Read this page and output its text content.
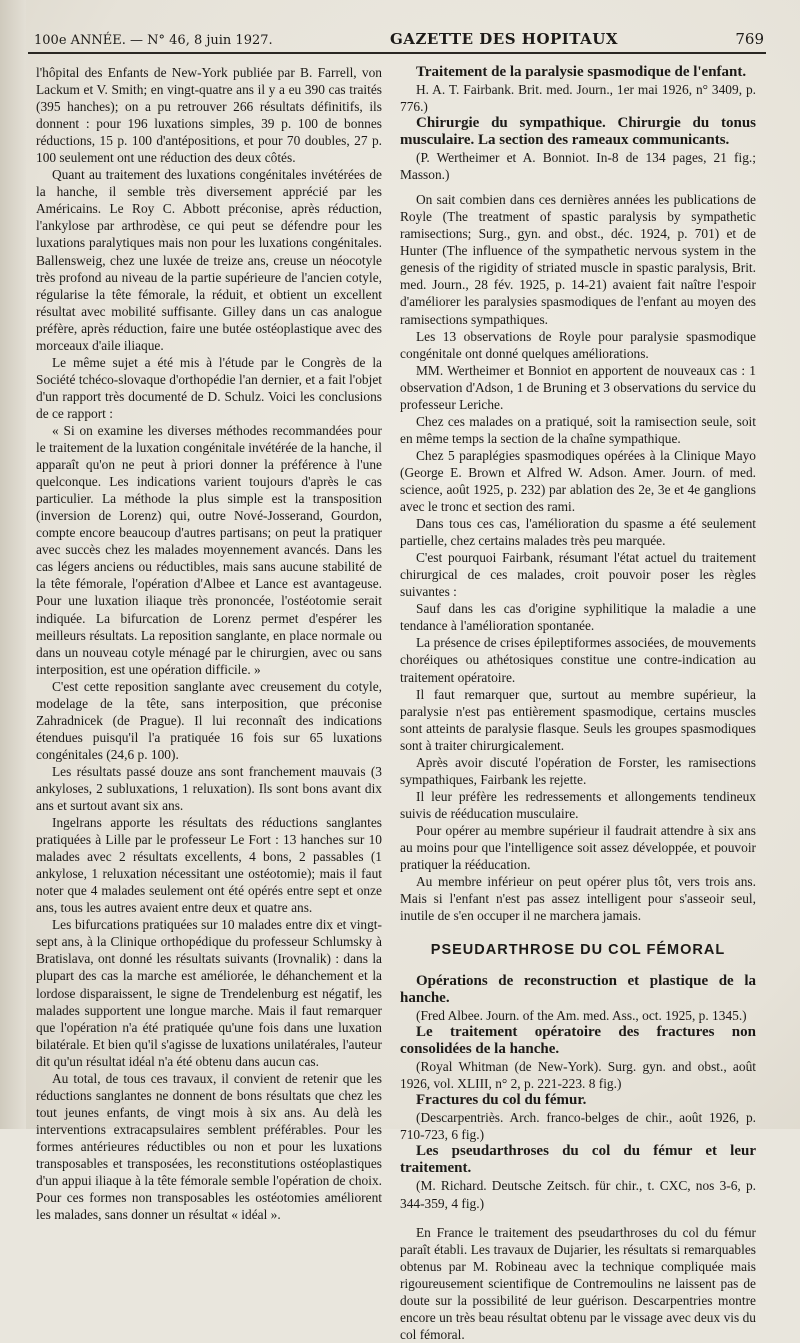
100e ANNÉE. — N° 46, 8 juin 1927.	GAZETTE DES HOPITAUX	769

l'hôpital des Enfants de New-York publiée par B. Farrell, von Lackum et V. Smith; en vingt-quatre ans il y a eu 390 cas traités (395 hanches); on a pu retrouver 266 résultats définitifs, ils donnent : pour 196 luxations simples, 39 p. 100 de bonnes réductions, 15 p. 100 d'antépositions, et pour 70 doubles, 27 p. 100 seulement ont une réduction des deux côtés.

Quant au traitement des luxations congénitales invétérées de la hanche, il semble très diversement apprécié par les Américains. Le Roy C. Abbott préconise, après réduction, l'ankylose par arthrodèse, ce qui peut se défendre pour les luxations paralytiques mais non pour les luxations congénitales. Ballensweig, chez une luxée de treize ans, creuse un néocotyle très profond au niveau de la partie supérieure de l'ancien cotyle, régularise la tête fémorale, la réduit, et obtient un excellent résultat avec mobilité suffisante. Gilley dans un cas analogue préfère, après réduction, faire une butée ostéoplastique avec des morceaux d'aile iliaque.

Le même sujet a été mis à l'étude par le Congrès de la Société tchéco-slovaque d'orthopédie l'an dernier, et a fait l'objet d'un rapport très documenté de D. Schulz. Voici les conclusions de ce rapport :

« Si on examine les diverses méthodes recommandées pour le traitement de la luxation congénitale invétérée de la hanche, il apparaît qu'on ne peut à priori donner la préférence à l'une quelconque. Les indications varient toujours d'après le cas particulier. La méthode la plus simple est la transposition (inversion de Lorenz) qui, outre Nové-Josserand, Gourdon, compte encore beaucoup d'autres partisans; on peut la pratiquer avec succès chez les malades moyennement avancés. Dans les cas légers anciens ou réductibles, mais sans aucune stabilité de la tête fémorale, l'opération d'Albee et Lance est avantageuse. Pour une luxation iliaque très prononcée, l'ostéotomie serait indiquée. La bifurcation de Lorenz permet d'espérer les meilleurs résultats. La reposition sanglante, en place normale ou dans un nouveau cotyle ménagé par le chirurgien, avec ou sans interposition, est une opération difficile. »

C'est cette reposition sanglante avec creusement du cotyle, modelage de la tête, sans interposition, que préconise Zahradnicek (de Prague). Il lui reconnaît des indications étendues puisqu'il l'a pratiquée 16 fois sur 65 luxations congénitales (24,6 p. 100).

Les résultats passé douze ans sont franchement mauvais (3 ankyloses, 2 subluxations, 1 reluxation). Ils sont bons avant dix ans et surtout avant six ans.

Ingelrans apporte les résultats des réductions sanglantes pratiquées à Lille par le professeur Le Fort : 13 hanches sur 10 malades avec 2 résultats excellents, 4 bons, 2 passables (1 ankylose, 1 reluxation nécessitant une ostéotomie); mais il faut noter que 4 malades seulement ont été opérés entre sept et onze ans, tous les autres avaient entre deux et quatre ans.

Les bifurcations pratiquées sur 10 malades entre dix et vingt-sept ans, à la Clinique orthopédique du professeur Schlumsky à Bratislava, ont donné les résultats suivants (Irovnalik) : dans la plupart des cas la marche est améliorée, le déhanchement et la lordose disparaissent, le signe de Trendelenburg est négatif, les malades supportent une longue marche. Mais il faut remarquer que l'opération n'a été pratiquée qu'une fois dans une luxation bilatérale. Et bien qu'il s'agisse de luxations unilatérales, l'auteur dit qu'un résultat idéal n'a été obtenu dans aucun cas.

Au total, de tous ces travaux, il convient de retenir que les réductions sanglantes ne donnent de bons résultats que chez les tout jeunes enfants, de vingt mois à six ans. Au delà les interventions extracapsulaires semblent préférables. Pour les formes antérieures réductibles ou non et pour les luxations transposables et transposées, les reconstitutions ostéoplastiques d'un appui iliaque à la tête fémorale semble l'opération de choix. Pour ces formes non transposables les ostéotomies améliorent les malades, sans donner un résultat « idéal ».

Traitement de la paralysie spasmodique de l'enfant.

H. A. T. Fairbank. Brit. med. Journ., 1er mai 1926, n° 3409, p. 776.)

Chirurgie du sympathique. Chirurgie du tonus musculaire. La section des rameaux communicants.

(P. Wertheimer et A. Bonniot. In-8 de 134 pages, 21 fig.; Masson.)

On sait combien dans ces dernières années les publications de Royle (The treatment of spastic paralysis by sympathetic ramisections; Surg., gyn. and obst., déc. 1924, p. 701) et de Hunter (The influence of the sympathetic nervous system in the genesis of the rigidity of striated muscle in spastic paralysis, Brit. med. Journ., 28 fév. 1925, p. 14-21) avaient fait naître l'espoir d'améliorer les paralysies spasmodiques de l'enfant au moyen des ramisections sympathiques.

Les 13 observations de Royle pour paralysie spasmodique congénitale ont donné quelques améliorations.

MM. Wertheimer et Bonniot en apportent de nouveaux cas : 1 observation d'Adson, 1 de Bruning et 3 observations du service du professeur Leriche.

Chez ces malades on a pratiqué, soit la ramisection seule, soit en même temps la section de la chaîne sympathique.

Chez 5 paraplégies spasmodiques opérées à la Clinique Mayo (George E. Brown et Alfred W. Adson. Amer. Journ. of med. science, août 1925, p. 232) par ablation des 2e, 3e et 4e ganglions avec le tronc et section des rami.

Dans tous ces cas, l'amélioration du spasme a été seulement partielle, chez certains malades très peu marquée.

C'est pourquoi Fairbank, résumant l'état actuel du traitement chirurgical de ces malades, croit pouvoir poser les règles suivantes :

Sauf dans les cas d'origine syphilitique la maladie a une tendance à l'amélioration spontanée.

La présence de crises épileptiformes associées, de mouvements choréiques ou athétosiques constitue une contre-indication au traitement opératoire.

Il faut remarquer que, surtout au membre supérieur, la paralysie n'est pas entièrement spasmodique, certains muscles sont atteints de paralysie flasque. Seuls les groupes spasmodiques sont à traiter chirurgicalement.

Après avoir discuté l'opération de Forster, les ramisections sympathiques, Fairbank les rejette.

Il leur préfère les redressements et allongements tendineux suivis de rééducation musculaire.

Pour opérer au membre supérieur il faudrait attendre à six ans au moins pour que l'intelligence soit assez développée, et pouvoir pratiquer la rééducation.

Au membre inférieur on peut opérer plus tôt, vers trois ans. Mais si l'enfant n'est pas assez intelligent pour s'asseoir seul, inutile de s'en occuper il ne marchera jamais.

PSEUDARTHROSE DU COL FÉMORAL

Opérations de reconstruction et plastique de la hanche.

(Fred Albee. Journ. of the Am. med. Ass., oct. 1925, p. 1345.)

Le traitement opératoire des fractures non consolidées de la hanche.

(Royal Whitman (de New-York). Surg. gyn. and obst., août 1926, vol. XLIII, n° 2, p. 221-223. 8 fig.)

Fractures du col du fémur.

(Descarpentriès. Arch. franco-belges de chir., août 1926, p. 710-723, 6 fig.)

Les pseudarthroses du col du fémur et leur traitement.

(M. Richard. Deutsche Zeitsch. für chir., t. CXC, nos 3-6, p. 344-359, 4 fig.)

En France le traitement des pseudarthroses du col du fémur paraît établi. Les travaux de Dujarier, les résultats si remarquables obtenus par M. Robineau avec la technique compliquée mais rigoureusement scientifique de Contremoulins ne laissent pas de doute sur la possibilité de leur guérison. Descarpentries montre encore un très beau résultat obtenu par le vissage avec deux vis du col fémoral.
